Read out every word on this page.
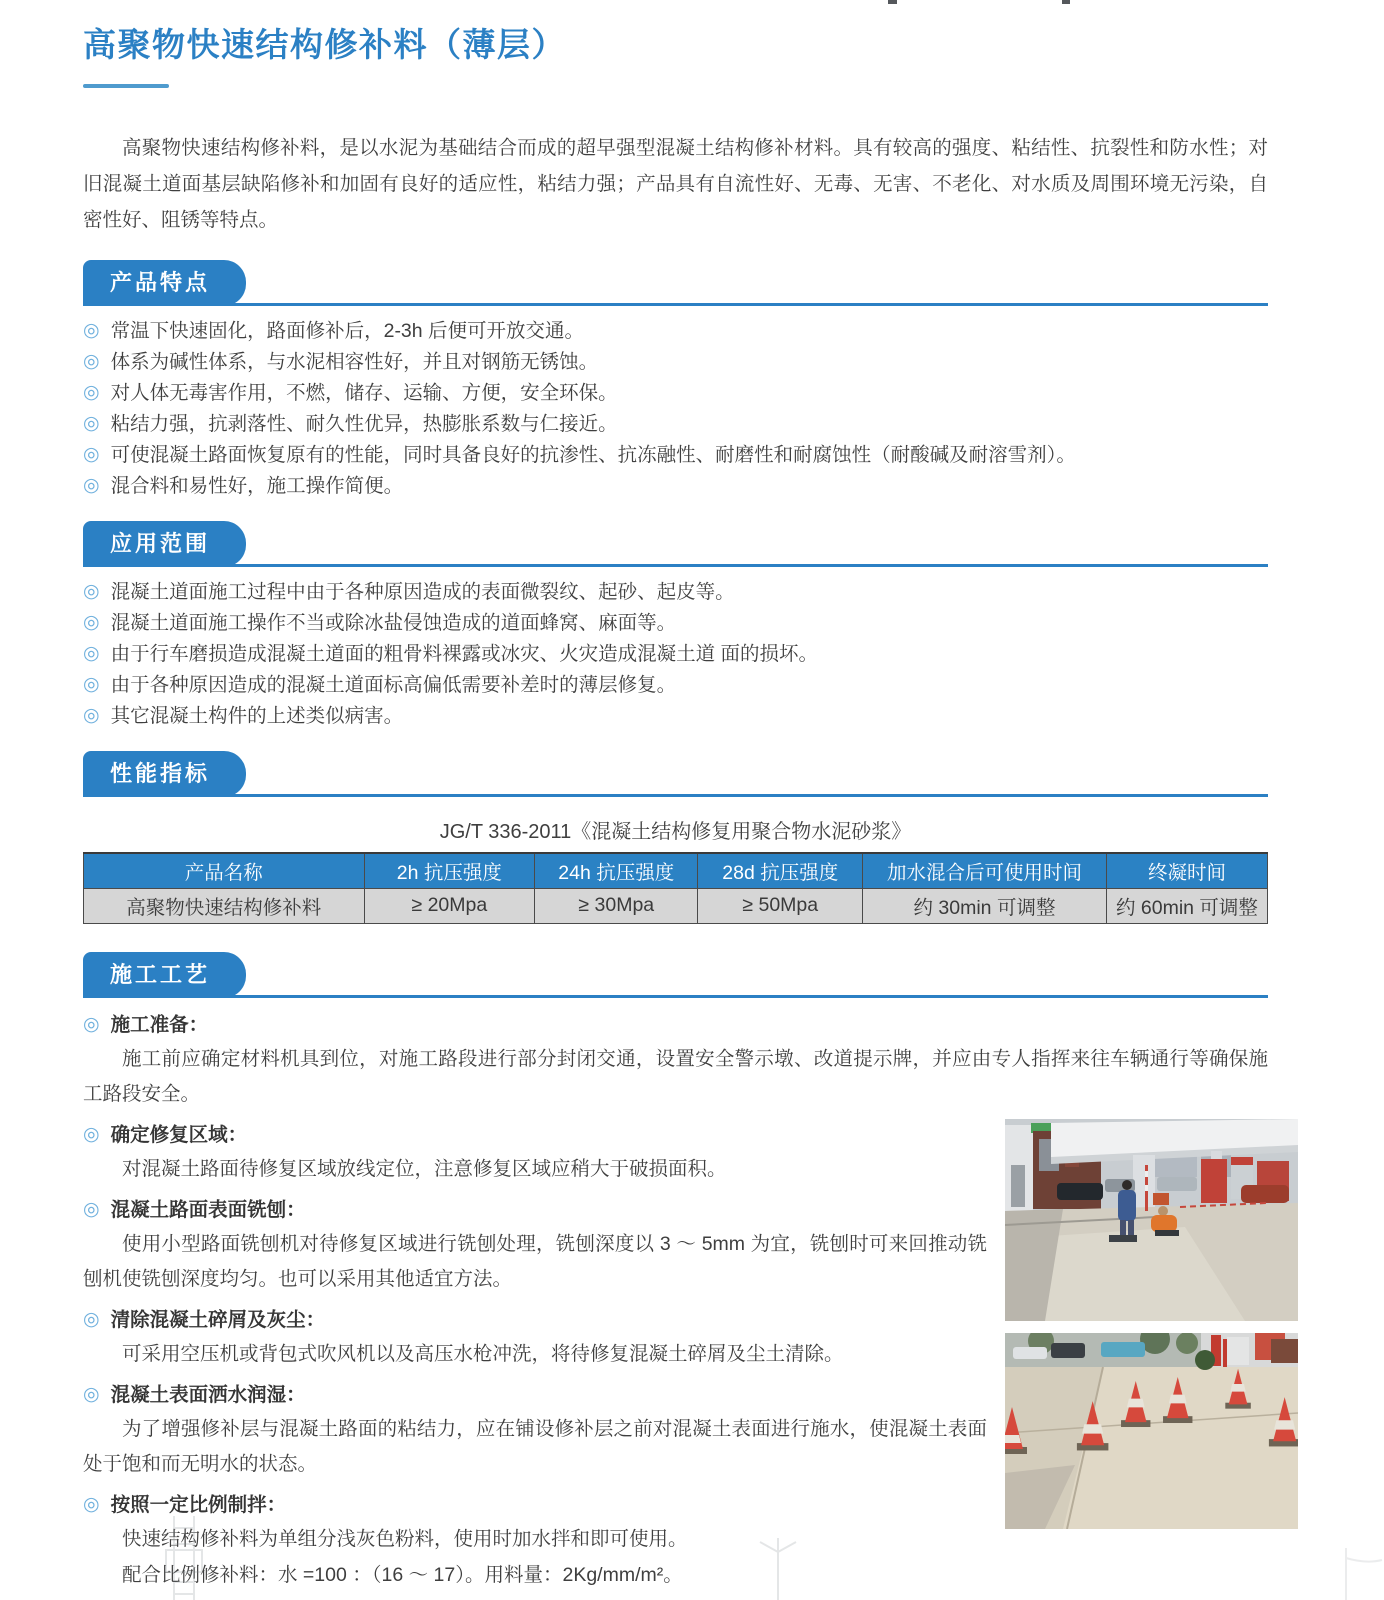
高聚物快速结构修补料（薄层）

高聚物快速结构修补料，是以水泥为基础结合而成的超早强型混凝土结构修补材料。具有较高的强度、粘结性、抗裂性和防水性；对旧混凝土道面基层缺陷修补和加固有良好的适应性，粘结力强；产品具有自流性好、无毒、无害、不老化、对水质及周围环境无污染，自密性好、阻锈等特点。

产品特点
◎ 常温下快速固化，路面修补后，2-3h 后便可开放交通。
◎ 体系为碱性体系，与水泥相容性好，并且对钢筋无锈蚀。
◎ 对人体无毒害作用，不燃，储存、运输、方便，安全环保。
◎ 粘结力强，抗剥落性、耐久性优异，热膨胀系数与仁接近。
◎ 可使混凝土路面恢复原有的性能，同时具备良好的抗渗性、抗冻融性、耐磨性和耐腐蚀性（耐酸碱及耐溶雪剂）。
◎ 混合料和易性好，施工操作简便。
应用范围
◎ 混凝土道面施工过程中由于各种原因造成的表面微裂纹、起砂、起皮等。
◎ 混凝土道面施工操作不当或除冰盐侵蚀造成的道面蜂窝、麻面等。
◎ 由于行车磨损造成混凝土道面的粗骨料裸露或冰灾、火灾造成混凝土道 面的损坏。
◎ 由于各种原因造成的混凝土道面标高偏低需要补差时的薄层修复。
◎ 其它混凝土构件的上述类似病害。
性能指标

JG/T 336-2011《混凝土结构修复用聚合物水泥砂浆》

产品名称	2h 抗压强度	24h 抗压强度	28d 抗压强度	加水混合后可使用时间	终凝时间
高聚物快速结构修补料	≥ 20Mpa	≥ 30Mpa	≥ 50Mpa	约 30min 可调整	约 60min 可调整
施工工艺
◎ 施工准备：

施工前应确定材料机具到位，对施工路段进行部分封闭交通，设置安全警示墩、改道提示牌，并应由专人指挥来往车辆通行等确保施工路段安全。

◎ 确定修复区域：

对混凝土路面待修复区域放线定位，注意修复区域应稍大于破损面积。

◎ 混凝土路面表面铣刨：

使用小型路面铣刨机对待修复区域进行铣刨处理，铣刨深度以 3 ～ 5mm 为宜，铣刨时可来回推动铣刨机使铣刨深度均匀。也可以采用其他适宜方法。

◎ 清除混凝土碎屑及灰尘：

可采用空压机或背包式吹风机以及高压水枪冲洗，将待修复混凝土碎屑及尘土清除。

◎ 混凝土表面洒水润湿：

为了增强修补层与混凝土路面的粘结力，应在铺设修补层之前对混凝土表面进行施水，使混凝土表面处于饱和而无明水的状态。

◎ 按照一定比例制拌：

快速结构修补料为单组分浅灰色粉料，使用时加水拌和即可使用。

配合比例修补料：水 =100 ：（16 ～ 17）。用料量：2Kg/mm/m²。
